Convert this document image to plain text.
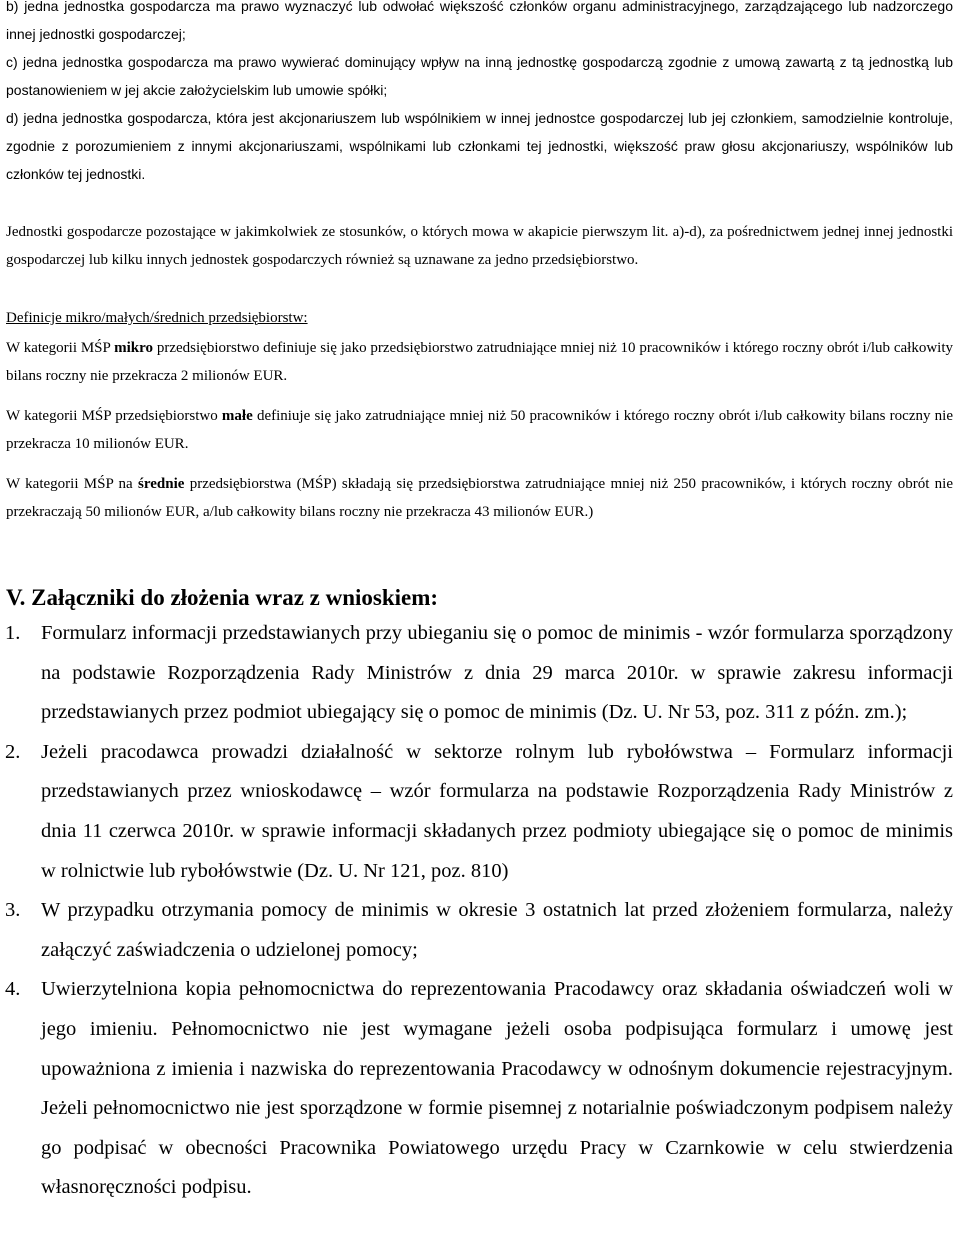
b) jedna jednostka gospodarcza ma prawo wyznaczyć lub odwołać większość członków organu administracyjnego, zarządzającego lub nadzorczego innej jednostki gospodarczej;

c) jedna jednostka gospodarcza ma prawo wywierać dominujący wpływ na inną jednostkę gospodarczą zgodnie z umową zawartą z tą jednostką lub postanowieniem w jej akcie założycielskim lub umowie spółki;

d) jedna jednostka gospodarcza, która jest akcjonariuszem lub wspólnikiem w innej jednostce gospodarczej lub jej członkiem, samodzielnie kontroluje, zgodnie z porozumieniem z innymi akcjonariuszami, wspólnikami lub członkami tej jednostki, większość praw głosu akcjonariuszy, wspólników lub członków tej jednostki.

Jednostki gospodarcze pozostające w jakimkolwiek ze stosunków, o których mowa w akapicie pierwszym lit. a)-d), za pośrednictwem jednej innej jednostki gospodarczej lub kilku innych jednostek gospodarczych również są uznawane za jedno przedsiębiorstwo.

Definicje mikro/małych/średnich przedsiębiorstw:

W kategorii MŚP mikro przedsiębiorstwo definiuje się jako przedsiębiorstwo zatrudniające mniej niż 10 pracowników i którego roczny obrót i/lub całkowity bilans roczny nie przekracza 2 milionów EUR.

W kategorii MŚP przedsiębiorstwo małe definiuje się jako zatrudniające mniej niż 50 pracowników i którego roczny obrót i/lub całkowity bilans roczny nie przekracza 10 milionów EUR.

W kategorii MŚP na średnie przedsiębiorstwa (MŚP) składają się przedsiębiorstwa zatrudniające mniej niż 250 pracowników, i których roczny obrót nie przekraczają 50 milionów EUR, a/lub całkowity bilans roczny nie przekracza 43 milionów EUR.)

V. Załączniki do złożenia wraz z wnioskiem:
1. Formularz informacji przedstawianych przy ubieganiu się o pomoc de minimis - wzór formularza sporządzony na podstawie Rozporządzenia Rady Ministrów z dnia 29 marca 2010r. w sprawie zakresu informacji przedstawianych przez podmiot ubiegający się o pomoc de minimis (Dz. U. Nr 53, poz. 311 z późn. zm.);
2. Jeżeli pracodawca prowadzi działalność w sektorze rolnym lub rybołówstwa – Formularz informacji przedstawianych przez wnioskodawcę – wzór formularza na podstawie Rozporządzenia Rady Ministrów z dnia 11 czerwca 2010r. w sprawie informacji składanych przez podmioty ubiegające się o pomoc de minimis w rolnictwie lub rybołówstwie (Dz. U. Nr 121, poz. 810)
3. W przypadku otrzymania pomocy de minimis w okresie 3 ostatnich lat przed złożeniem formularza, należy załączyć zaświadczenia o udzielonej pomocy;
4. Uwierzytelniona kopia pełnomocnictwa do reprezentowania Pracodawcy oraz składania oświadczeń woli w jego imieniu. Pełnomocnictwo nie jest wymagane jeżeli osoba podpisująca formularz i umowę jest upoważniona z imienia i nazwiska do reprezentowania Pracodawcy w odnośnym dokumencie rejestracyjnym. Jeżeli pełnomocnictwo nie jest sporządzone w formie pisemnej z notarialnie poświadczonym podpisem należy go podpisać w obecności Pracownika Powiatowego urzędu Pracy w Czarnkowie w celu stwierdzenia własnoręczności podpisu.
